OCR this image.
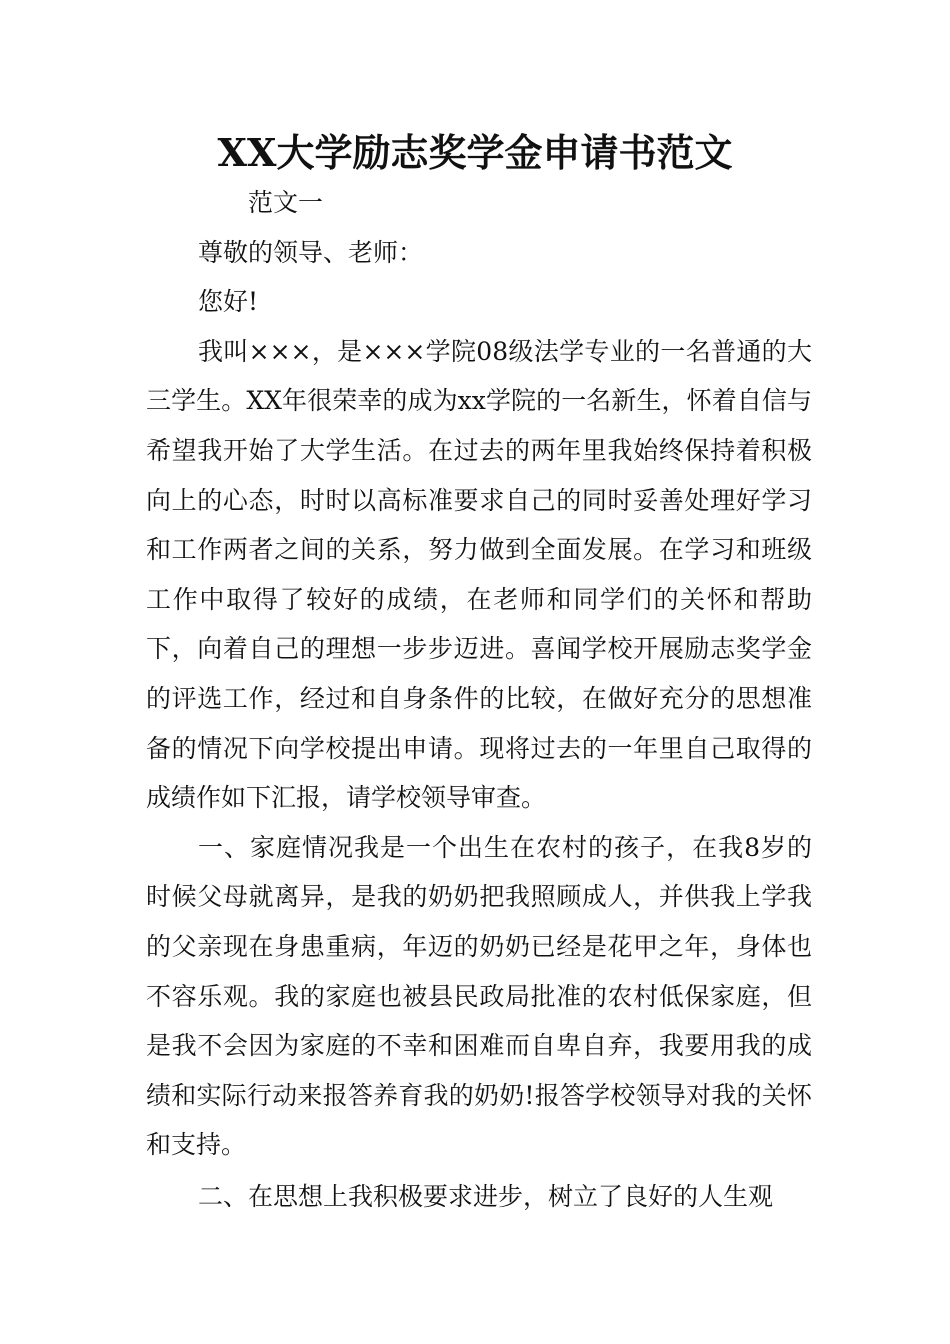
XX大学励志奖学金申请书范文

范文一

尊敬的领导、老师：

您好!

我叫×××，是×××学院08级法学专业的一名普通的大三学生。XX年很荣幸的成为xx学院的一名新生，怀着自信与希望我开始了大学生活。在过去的两年里我始终保持着积极向上的心态，时时以高标准要求自己的同时妥善处理好学习和工作两者之间的关系，努力做到全面发展。在学习和班级工作中取得了较好的成绩，在老师和同学们的关怀和帮助下，向着自己的理想一步步迈进。喜闻学校开展励志奖学金的评选工作，经过和自身条件的比较，在做好充分的思想准备的情况下向学校提出申请。现将过去的一年里自己取得的成绩作如下汇报，请学校领导审查。

一、家庭情况我是一个出生在农村的孩子，在我8岁的时候父母就离异，是我的奶奶把我照顾成人，并供我上学我的父亲现在身患重病，年迈的奶奶已经是花甲之年，身体也不容乐观。我的家庭也被县民政局批准的农村低保家庭，但是我不会因为家庭的不幸和困难而自卑自弃，我要用我的成绩和实际行动来报答养育我的奶奶!报答学校领导对我的关怀和支持。

二、在思想上我积极要求进步，树立了良好的人生观
